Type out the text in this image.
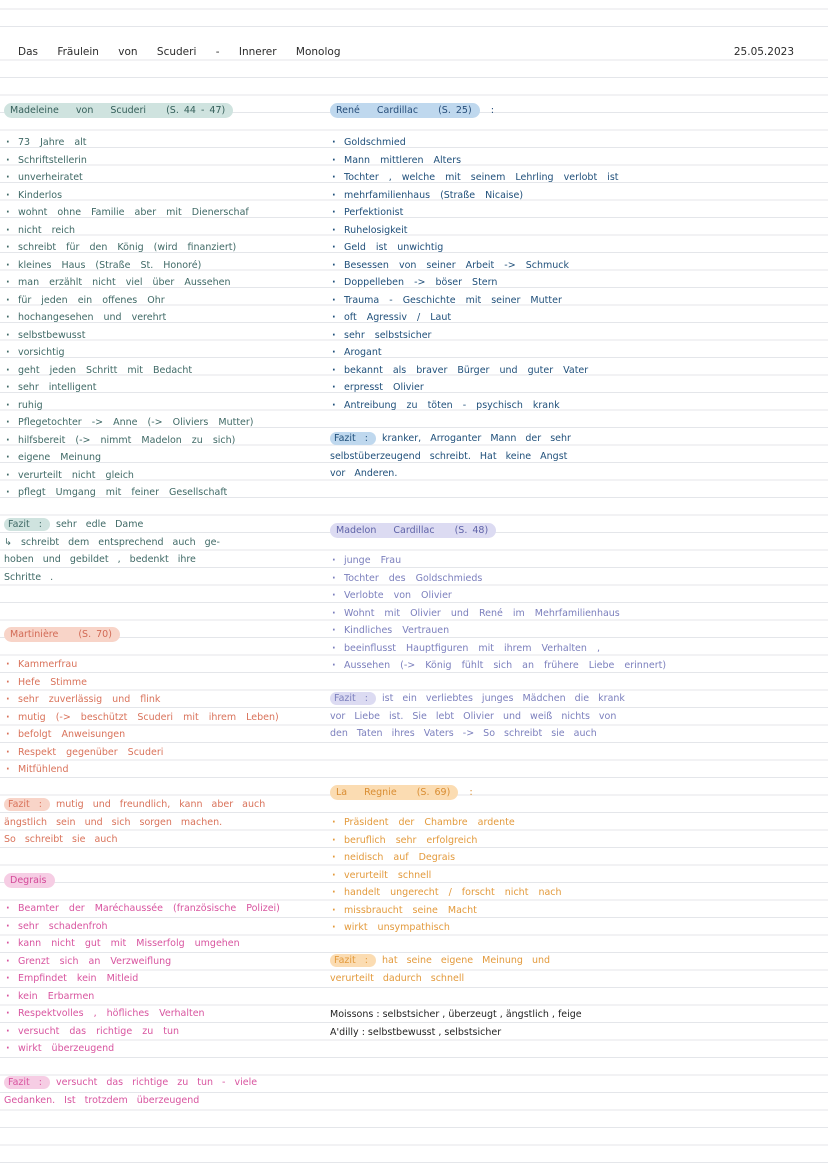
Das Fräulein von Scuderi - Innerer Monolog	25.05.2023
Madeleine von Scuderi (S. 44 - 47)
· 73 Jahre alt
· Schriftstellerin
· unverheiratet
· Kinderlos
· wohnt ohne Familie aber mit Dienerschaf
· nicht reich
· schreibt für den König (wird finanziert)
· kleines Haus (Straße St. Honoré)
· man erzählt nicht viel über Aussehen
· für jeden ein offenes Ohr
· hochangesehen und verehrt
· selbstbewusst
· vorsichtig
· geht jeden Schritt mit Bedacht
· sehr intelligent
· ruhig
· Pflegetochter -> Anne (-> Oliviers Mutter)
· hilfsbereit (-> nimmt Madelon zu sich)
· eigene Meinung
· verurteilt nicht gleich
· pflegt Umgang mit feiner Gesellschaft
Fazit : sehr edle Dame
↳ schreibt dem entsprechend auch ge-
hoben und gebildet , bedenkt ihre
Schritte .
Martinière (S. 70)
· Kammerfrau
· Hefe Stimme
· sehr zuverlässig und flink
· mutig (-> beschützt Scuderi mit ihrem Leben)
· befolgt Anweisungen
· Respekt gegenüber Scuderi
· Mitfühlend
Fazit : mutig und freundlich, kann aber auch
ängstlich sein und sich sorgen machen.
So schreibt sie auch
Degrais
· Beamter der Maréchaussée (französische Polizei)
· sehr schadenfroh
· kann nicht gut mit Misserfolg umgehen
· Grenzt sich an Verzweiflung
· Empfindet kein Mitleid
· kein Erbarmen
· Respektvolles , höfliches Verhalten
· versucht das richtige zu tun
· wirkt überzeugend
Fazit : versucht das richtige zu tun - viele
Gedanken. Ist trotzdem überzeugend
René Cardillac (S. 25) :
· Goldschmied
· Mann mittleren Alters
· Tochter , welche mit seinem Lehrling verlobt ist
· mehrfamilienhaus (Straße Nicaise)
· Perfektionist
· Ruhelosigkeit
· Geld ist unwichtig
· Besessen von seiner Arbeit -> Schmuck
· Doppelleben -> böser Stern
· Trauma - Geschichte mit seiner Mutter
· oft Agressiv / Laut
· sehr selbstsicher
· Arogant
· bekannt als braver Bürger und guter Vater
· erpresst Olivier
· Antreibung zu töten - psychisch krank
Fazit : kranker, Arroganter Mann der sehr
selbstüberzeugend schreibt. Hat keine Angst
vor Anderen.
Madelon Cardillac (S. 48)
· junge Frau
· Tochter des Goldschmieds
· Verlobte von Olivier
· Wohnt mit Olivier und René im Mehrfamilienhaus
· Kindliches Vertrauen
· beeinflusst Hauptfiguren mit ihrem Verhalten ,
· Aussehen (-> König fühlt sich an frühere Liebe erinnert)
Fazit : ist ein verliebtes junges Mädchen die krank
vor Liebe ist. Sie lebt Olivier und weiß nichts von
den Taten ihres Vaters -> So schreibt sie auch
La Regnie (S. 69) :
· Präsident der Chambre ardente
· beruflich sehr erfolgreich
· neidisch auf Degrais
· verurteilt schnell
· handelt ungerecht / forscht nicht nach
· missbraucht seine Macht
· wirkt unsympathisch
Fazit : hat seine eigene Meinung und
verurteilt dadurch schnell
Moissons : selbstsicher , überzeugt , ängstlich , feige
A'dilly : selbstbewusst , selbstsicher
